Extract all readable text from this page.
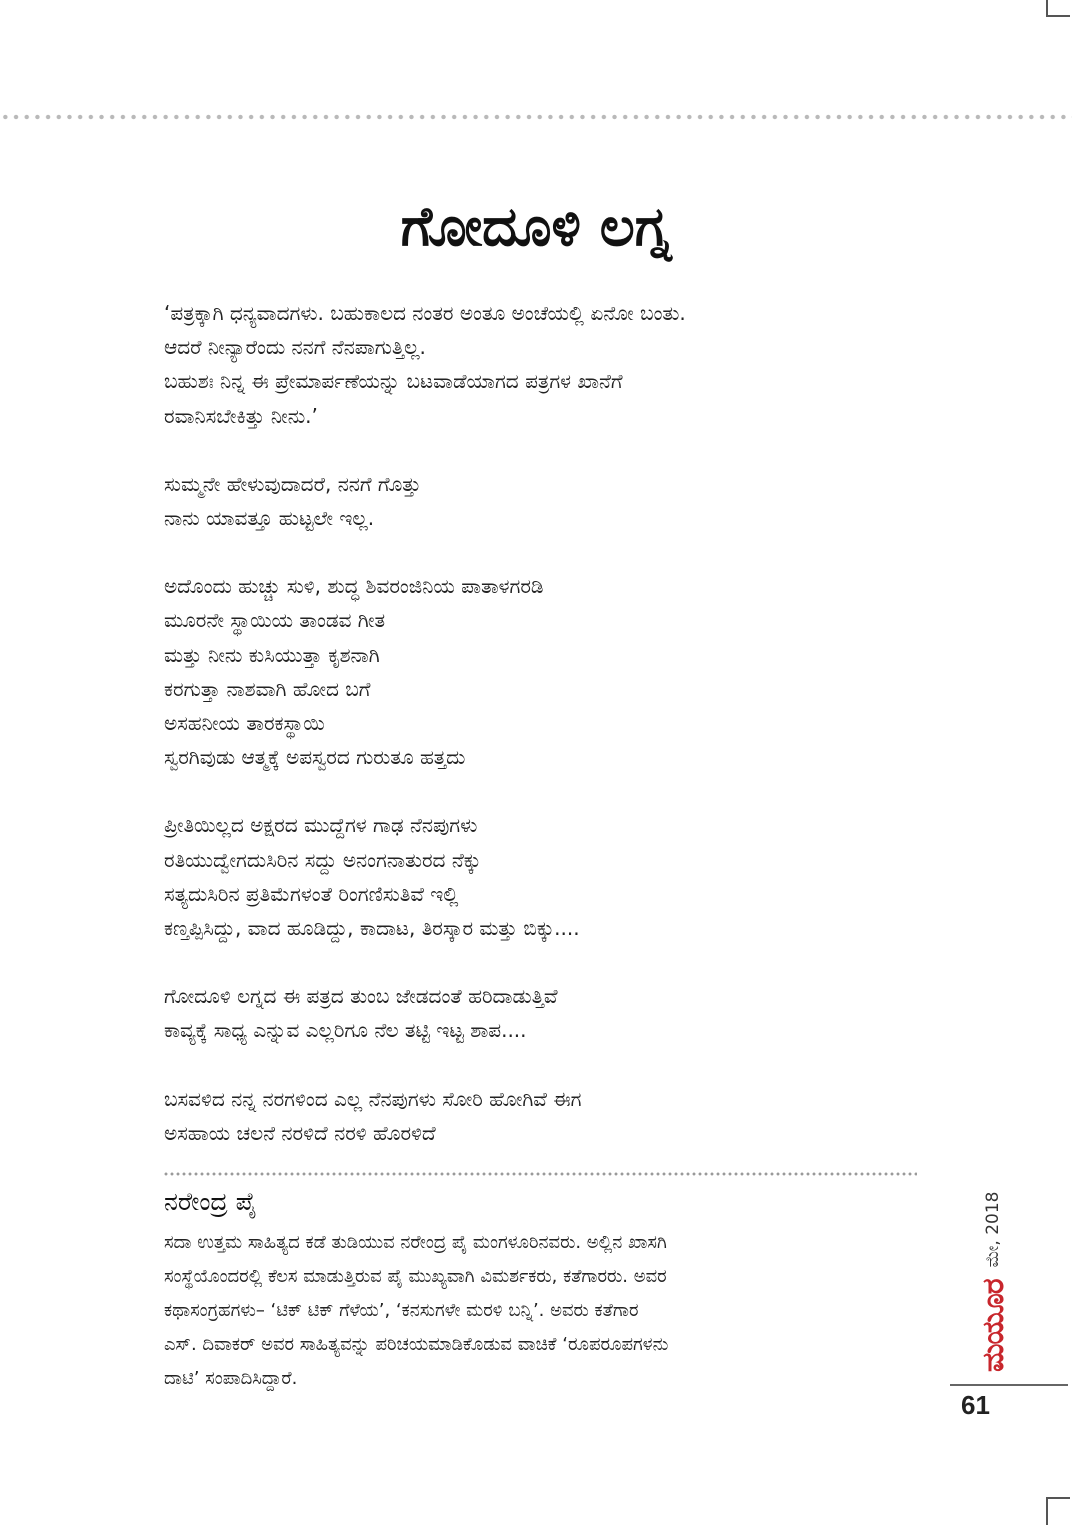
ಗೋದೂಳಿ ಲಗ್ನ
‘ಪತ್ರಕ್ಕಾಗಿ ಧನ್ಯವಾದಗಳು. ಬಹುಕಾಲದ ನಂತರ ಅಂತೂ ಅಂಚೆಯಲ್ಲಿ ಏನೋ ಬಂತು.
ಆದರೆ ನೀನ್ಯಾರೆಂದು ನನಗೆ ನೆನಪಾಗುತ್ತಿಲ್ಲ.
ಬಹುಶಃ ನಿನ್ನ ಈ ಪ್ರೇಮಾರ್ಪಣೆಯನ್ನು ಬಟವಾಡೆಯಾಗದ ಪತ್ರಗಳ ಖಾನೆಗೆ
ರವಾನಿಸಬೇಕಿತ್ತು ನೀನು.’
ಸುಮ್ಮನೇ ಹೇಳುವುದಾದರೆ, ನನಗೆ ಗೊತ್ತು
ನಾನು ಯಾವತ್ತೂ ಹುಟ್ಟಲೇ ಇಲ್ಲ.
ಅದೊಂದು ಹುಚ್ಚು ಸುಳಿ, ಶುದ್ಧ ಶಿವರಂಜಿನಿಯ ಪಾತಾಳಗರಡಿ
ಮೂರನೇ ಸ್ಥಾಯಿಯ ತಾಂಡವ ಗೀತ
ಮತ್ತು ನೀನು ಕುಸಿಯುತ್ತಾ ಕೃಶನಾಗಿ
ಕರಗುತ್ತಾ ನಾಶವಾಗಿ ಹೋದ ಬಗೆ
ಅಸಹನೀಯ ತಾರಕಸ್ಥಾಯಿ
ಸ್ವರಗಿವುಡು ಆತ್ಮಕ್ಕೆ ಅಪಸ್ವರದ ಗುರುತೂ ಹತ್ತದು
ಪ್ರೀತಿಯಿಲ್ಲದ ಅಕ್ಷರದ ಮುದ್ದೆಗಳ ಗಾಢ ನೆನಪುಗಳು
ರತಿಯುದ್ವೇಗದುಸಿರಿನ ಸದ್ದು ಅನಂಗನಾತುರದ ನೆಕ್ಕು
ಸತ್ಯದುಸಿರಿನ ಪ್ರತಿಮೆಗಳಂತೆ ರಿಂಗಣಿಸುತಿವೆ ಇಲ್ಲಿ
ಕಣ್ತಪ್ಪಿಸಿದ್ದು, ವಾದ ಹೂಡಿದ್ದು, ಕಾದಾಟ, ತಿರಸ್ಕಾರ ಮತ್ತು ಬಿಕ್ಕು....
ಗೋದೂಳಿ ಲಗ್ನದ ಈ ಪತ್ರದ ತುಂಬ ಜೇಡದಂತೆ ಹರಿದಾಡುತ್ತಿವೆ
ಕಾವ್ಯಕ್ಕೆ ಸಾಧ್ಯ ಎನ್ನುವ ಎಲ್ಲರಿಗೂ ನೆಲ ತಟ್ಟಿ ಇಟ್ಟ ಶಾಪ....
ಬಸವಳಿದ ನನ್ನ ನರಗಳಿಂದ ಎಲ್ಲ ನೆನಪುಗಳು ಸೋರಿ ಹೋಗಿವೆ ಈಗ
ಅಸಹಾಯ ಚಲನೆ ನರಳಿದೆ ನರಳಿ ಹೊರಳಿದೆ
ನರೇಂದ್ರ ಪೈ
ಸದಾ ಉತ್ತಮ ಸಾಹಿತ್ಯದ ಕಡೆ ತುಡಿಯುವ ನರೇಂದ್ರ ಪೈ ಮಂಗಳೂರಿನವರು. ಅಲ್ಲಿನ ಖಾಸಗಿ
ಸಂಸ್ಥೆಯೊಂದರಲ್ಲಿ ಕೆಲಸ ಮಾಡುತ್ತಿರುವ ಪೈ ಮುಖ್ಯವಾಗಿ ವಿಮರ್ಶಕರು, ಕತೆಗಾರರು. ಅವರ
ಕಥಾಸಂಗ್ರಹಗಳು– ‘ಟಿಕ್ ಟಿಕ್ ಗೆಳೆಯ’, ‘ಕನಸುಗಳೇ ಮರಳಿ ಬನ್ನಿ’. ಅವರು ಕತೆಗಾರ
ಎಸ್. ದಿವಾಕರ್ ಅವರ ಸಾಹಿತ್ಯವನ್ನು ಪರಿಚಯಮಾಡಿಕೊಡುವ ವಾಚಿಕೆ ‘ರೂಪರೂಪಗಳನು
ದಾಟಿ’ ಸಂಪಾದಿಸಿದ್ದಾರೆ.
ಮಯೂರ
ಮೇ, 2018
61
